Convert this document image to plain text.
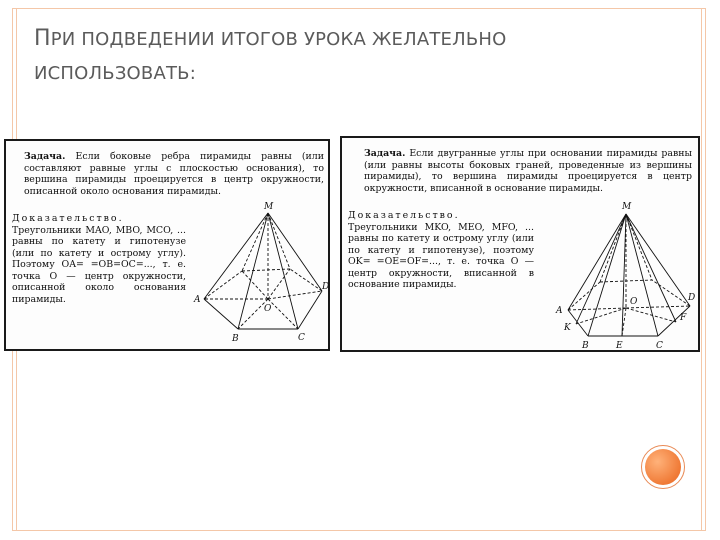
ПРИ ПОДВЕДЕНИИ ИТОГОВ УРОКА ЖЕЛАТЕЛЬНО
ИСПОЛЬЗОВАТЬ:
Задача. Если боковые ребра пирамиды равны (или составляют равные углы с плоскостью основания), то вершина пирамиды проецируется в центр окружности, описанной около основания пирамиды.
Доказательство.
Треугольники MAO, MBO, MCO, ... равны по катету и гипотенузе (или по катету и острому углу). Поэтому OA= =OB=OC=..., т. е. точка O — центр окружности, описанной около основания пирамиды.
M
A
B	C
D
O
Задача. Если двугранные углы при основании пирамиды равны (или равны высоты боковых граней, проведенные из вершины пирамиды), то вершина пирамиды проецируется в центр окружности, вписанной в основание пирамиды.
Доказательство.
Треугольники MKO, MEO, MFO, ... равны по катету и острому углу (или по катету и гипотенузе), поэтому OK= =OE=OF=..., т. е. точка O — центр окружности, вписанной в основание пирамиды.
M
A
K
B	E	C
F
D
O
